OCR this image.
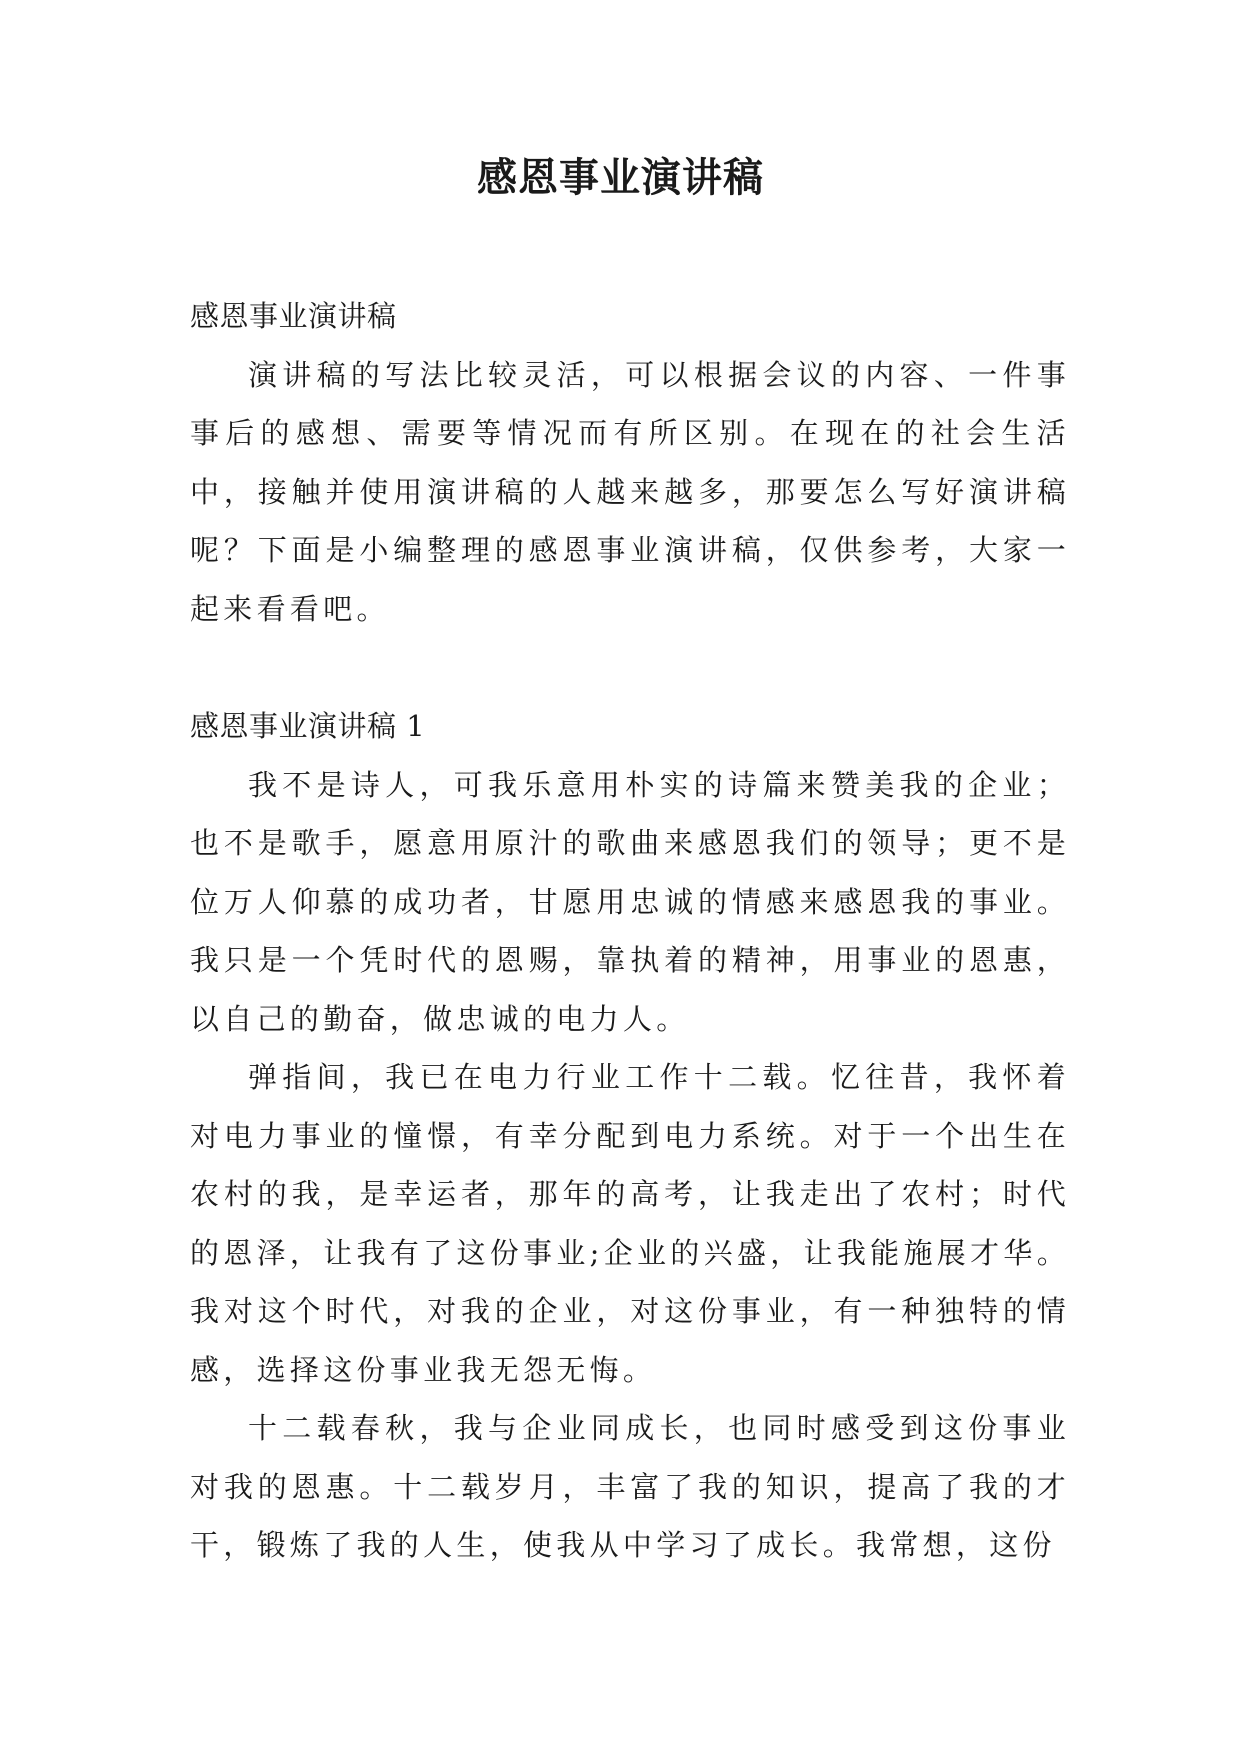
感恩事业演讲稿

感恩事业演讲稿

演讲稿的写法比较灵活，可以根据会议的内容、一件事事后的感想、需要等情况而有所区别。在现在的社会生活中，接触并使用演讲稿的人越来越多，那要怎么写好演讲稿呢？下面是小编整理的感恩事业演讲稿，仅供参考，大家一起来看看吧。

感恩事业演讲稿 1

我不是诗人，可我乐意用朴实的诗篇来赞美我的企业；也不是歌手，愿意用原汁的歌曲来感恩我们的领导；更不是位万人仰慕的成功者，甘愿用忠诚的情感来感恩我的事业。我只是一个凭时代的恩赐，靠执着的精神，用事业的恩惠，以自己的勤奋，做忠诚的电力人。

弹指间，我已在电力行业工作十二载。忆往昔，我怀着对电力事业的憧憬，有幸分配到电力系统。对于一个出生在农村的我，是幸运者，那年的高考，让我走出了农村；时代的恩泽，让我有了这份事业;企业的兴盛，让我能施展才华。我对这个时代，对我的企业，对这份事业，有一种独特的情感，选择这份事业我无怨无悔。

十二载春秋，我与企业同成长，也同时感受到这份事业对我的恩惠。十二载岁月，丰富了我的知识，提高了我的才干，锻炼了我的人生，使我从中学习了成长。我常想，这份
